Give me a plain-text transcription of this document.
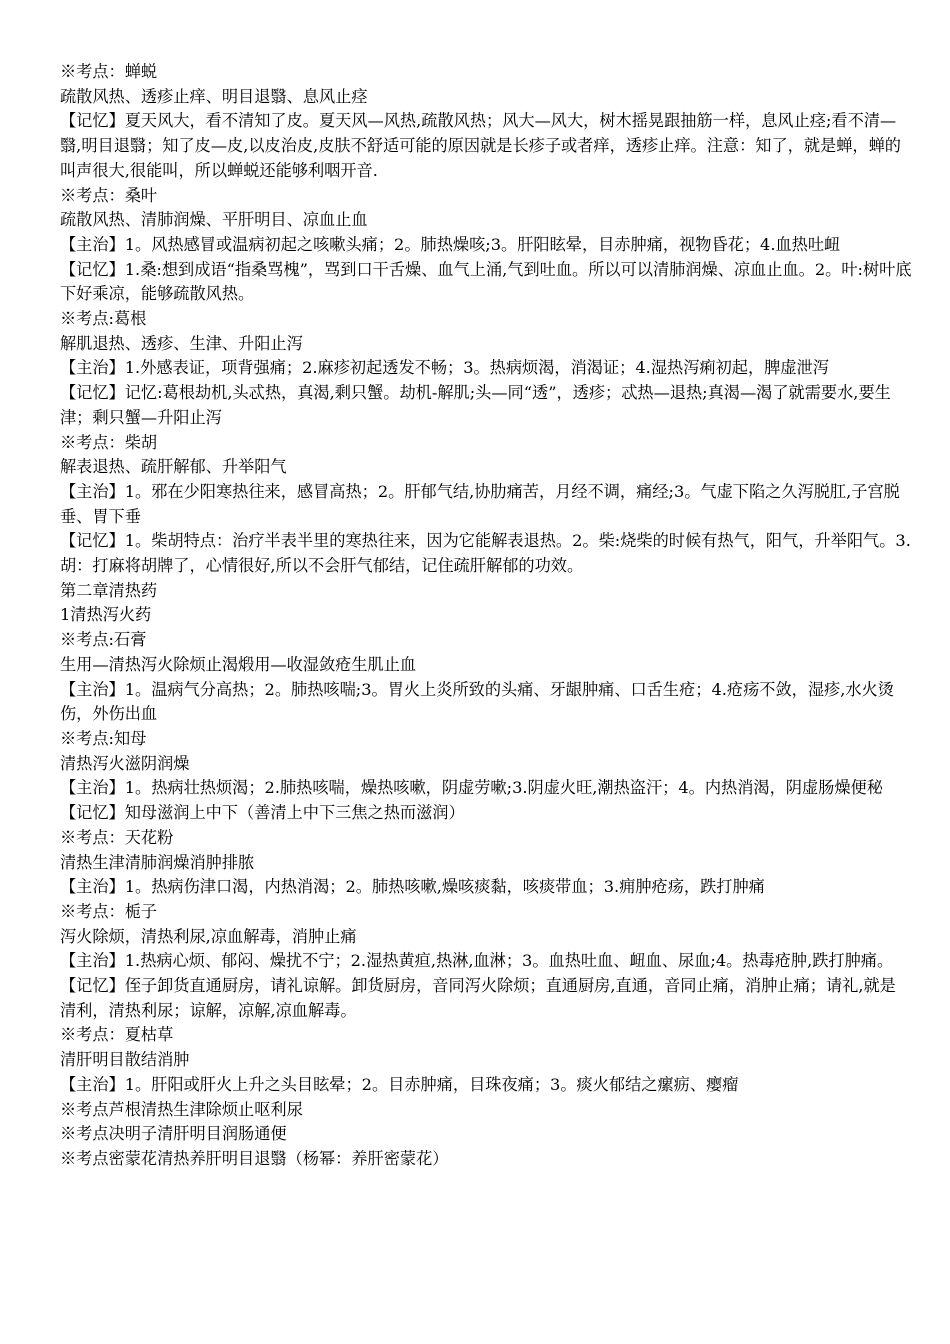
※考点：蝉蜕

疏散风热、透疹止痒、明目退翳、息风止痉

【记忆】夏天风大，看不清知了皮。夏天风—风热,疏散风热；风大—风大，树木摇晃跟抽筋一样，息风止痉;看不清—翳,明目退翳；知了皮—皮,以皮治皮,皮肤不舒适可能的原因就是长疹子或者痒，透疹止痒。注意：知了，就是蝉，蝉的叫声很大,很能叫，所以蝉蜕还能够利咽开音.

※考点：桑叶

疏散风热、清肺润燥、平肝明目、凉血止血

【主治】1。风热感冒或温病初起之咳嗽头痛；2。肺热燥咳;3。肝阳眩晕，目赤肿痛，视物昏花；4.血热吐衄

【记忆】1.桑:想到成语“指桑骂槐”，骂到口干舌燥、血气上涌,气到吐血。所以可以清肺润燥、凉血止血。2。叶:树叶底下好乘凉，能够疏散风热。

※考点:葛根

解肌退热、透疹、生津、升阳止泻

【主治】1.外感表证，项背强痛；2.麻疹初起透发不畅；3。热病烦渴，消渴证；4.湿热泻痢初起，脾虚泄泻

【记忆】记忆:葛根劫机,头忒热，真渴,剩只蟹。劫机-解肌;头—同“透”，透疹；忒热—退热;真渴—渴了就需要水,要生津；剩只蟹—升阳止泻

※考点：柴胡

解表退热、疏肝解郁、升举阳气

【主治】1。邪在少阳寒热往来，感冒高热；2。肝郁气结,协肋痛苦，月经不调，痛经;3。气虚下陷之久泻脱肛,子宫脱垂、胃下垂

【记忆】1。柴胡特点：治疗半表半里的寒热往来，因为它能解表退热。2。柴:烧柴的时候有热气，阳气，升举阳气。3.胡：打麻将胡牌了，心情很好,所以不会肝气郁结，记住疏肝解郁的功效。

第二章清热药

1清热泻火药

※考点:石膏

生用—清热泻火除烦止渴煅用—收湿敛疮生肌止血

【主治】1。温病气分高热；2。肺热咳喘;3。胃火上炎所致的头痛、牙龈肿痛、口舌生疮；4.疮疡不敛，湿疹,水火烫伤，外伤出血

※考点:知母

清热泻火滋阴润燥

【主治】1。热病壮热烦渴；2.肺热咳喘，燥热咳嗽，阴虚劳嗽;3.阴虚火旺,潮热盗汗；4。内热消渴，阴虚肠燥便秘

【记忆】知母滋润上中下（善清上中下三焦之热而滋润）

※考点：天花粉

清热生津清肺润燥消肿排脓

【主治】1。热病伤津口渴，内热消渴；2。肺热咳嗽,燥咳痰黏，咳痰带血；3.痈肿疮疡，跌打肿痛

※考点：栀子

泻火除烦，清热利尿,凉血解毒，消肿止痛

【主治】1.热病心烦、郁闷、燥扰不宁；2.湿热黄疸,热淋,血淋；3。血热吐血、衄血、尿血;4。热毒疮肿,跌打肿痛。

【记忆】侄子卸货直通厨房，请礼谅解。卸货厨房，音同泻火除烦；直通厨房,直通，音同止痛，消肿止痛；请礼,就是清利，清热利尿；谅解，凉解,凉血解毒。

※考点：夏枯草

清肝明目散结消肿

【主治】1。肝阳或肝火上升之头目眩晕；2。目赤肿痛，目珠夜痛；3。痰火郁结之瘰疬、瘿瘤

※考点芦根清热生津除烦止呕利尿

※考点决明子清肝明目润肠通便

※考点密蒙花清热养肝明目退翳（杨幂：养肝密蒙花）
